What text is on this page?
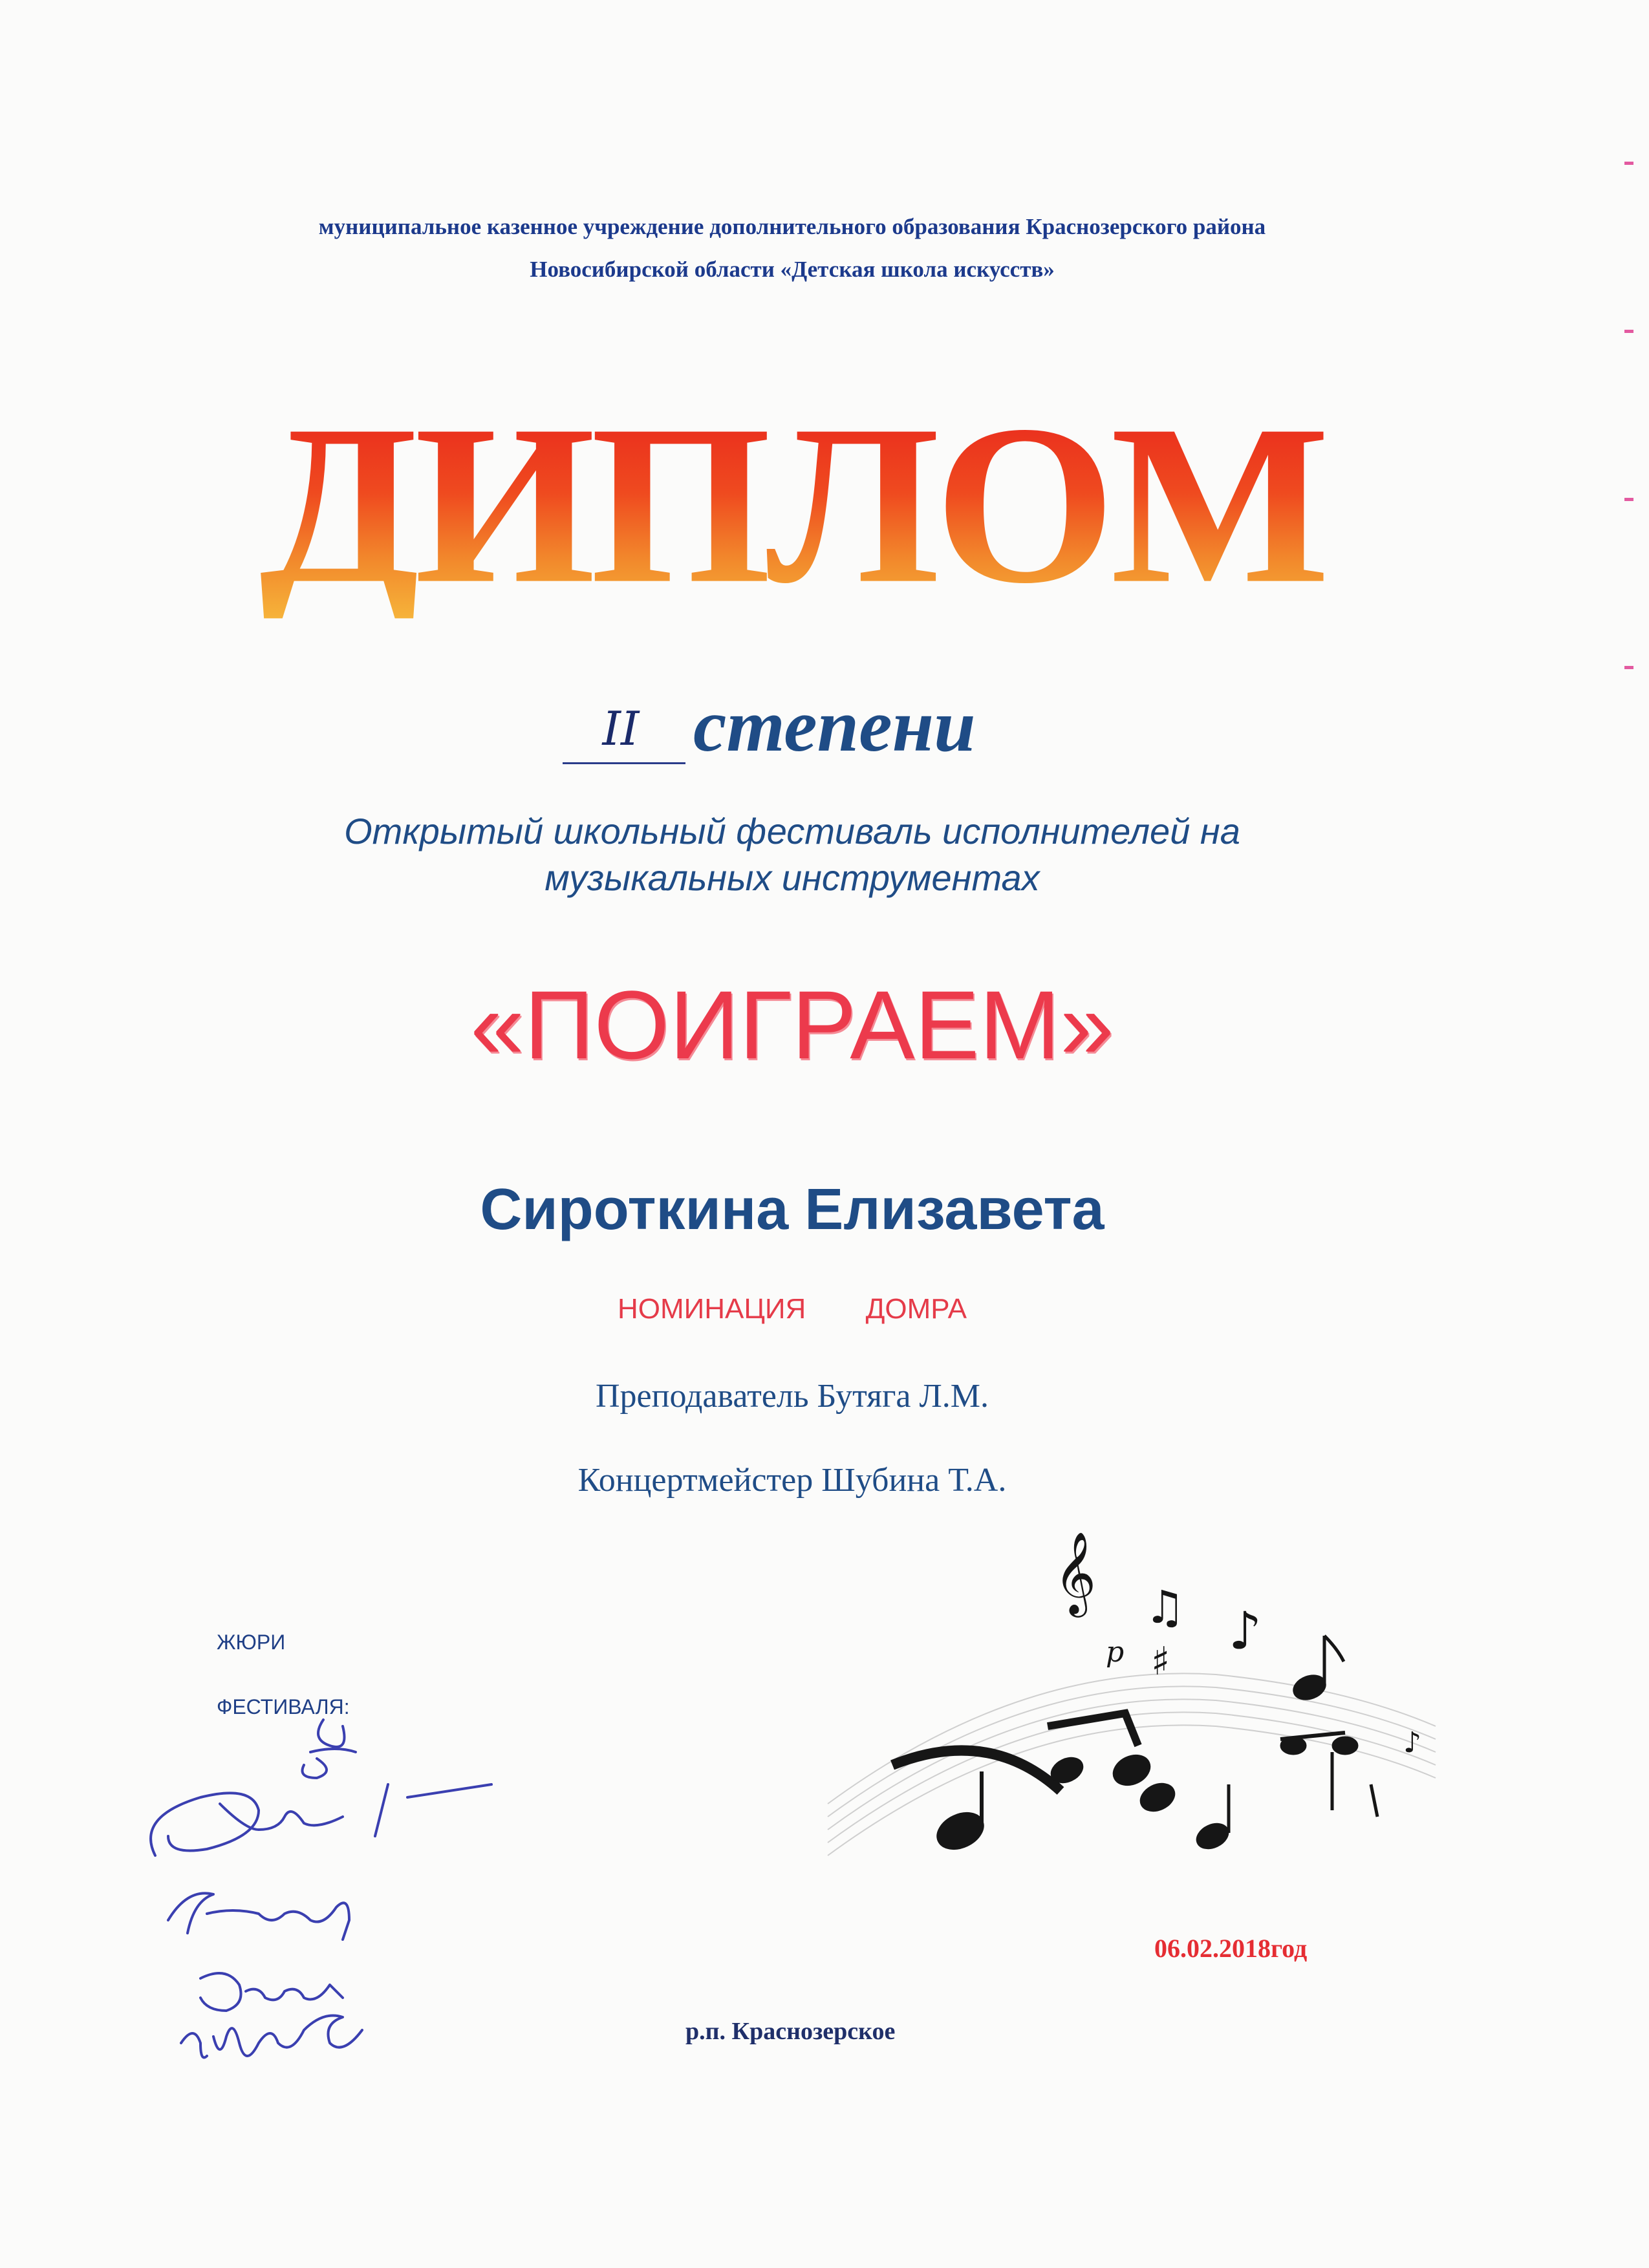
муниципальное казенное учреждение дополнительного образования Краснозерского района
Новосибирской области «Детская школа искусств»
ДИПЛОМ
II степени
Открытый школьный фестиваль исполнителей на
музыкальных инструментах
«ПОИГРАЕМ»
Сироткина Елизавета
НОМИНАЦИЯ ДОМРА
Преподаватель Бутяга Л.М.
Концертмейстер Шубина Т.А.
ЖЮРИ
ФЕСТИВАЛЯ:
𝄞
♯
♪
♫
p
♪
06.02.2018год
р.п. Краснозерское
